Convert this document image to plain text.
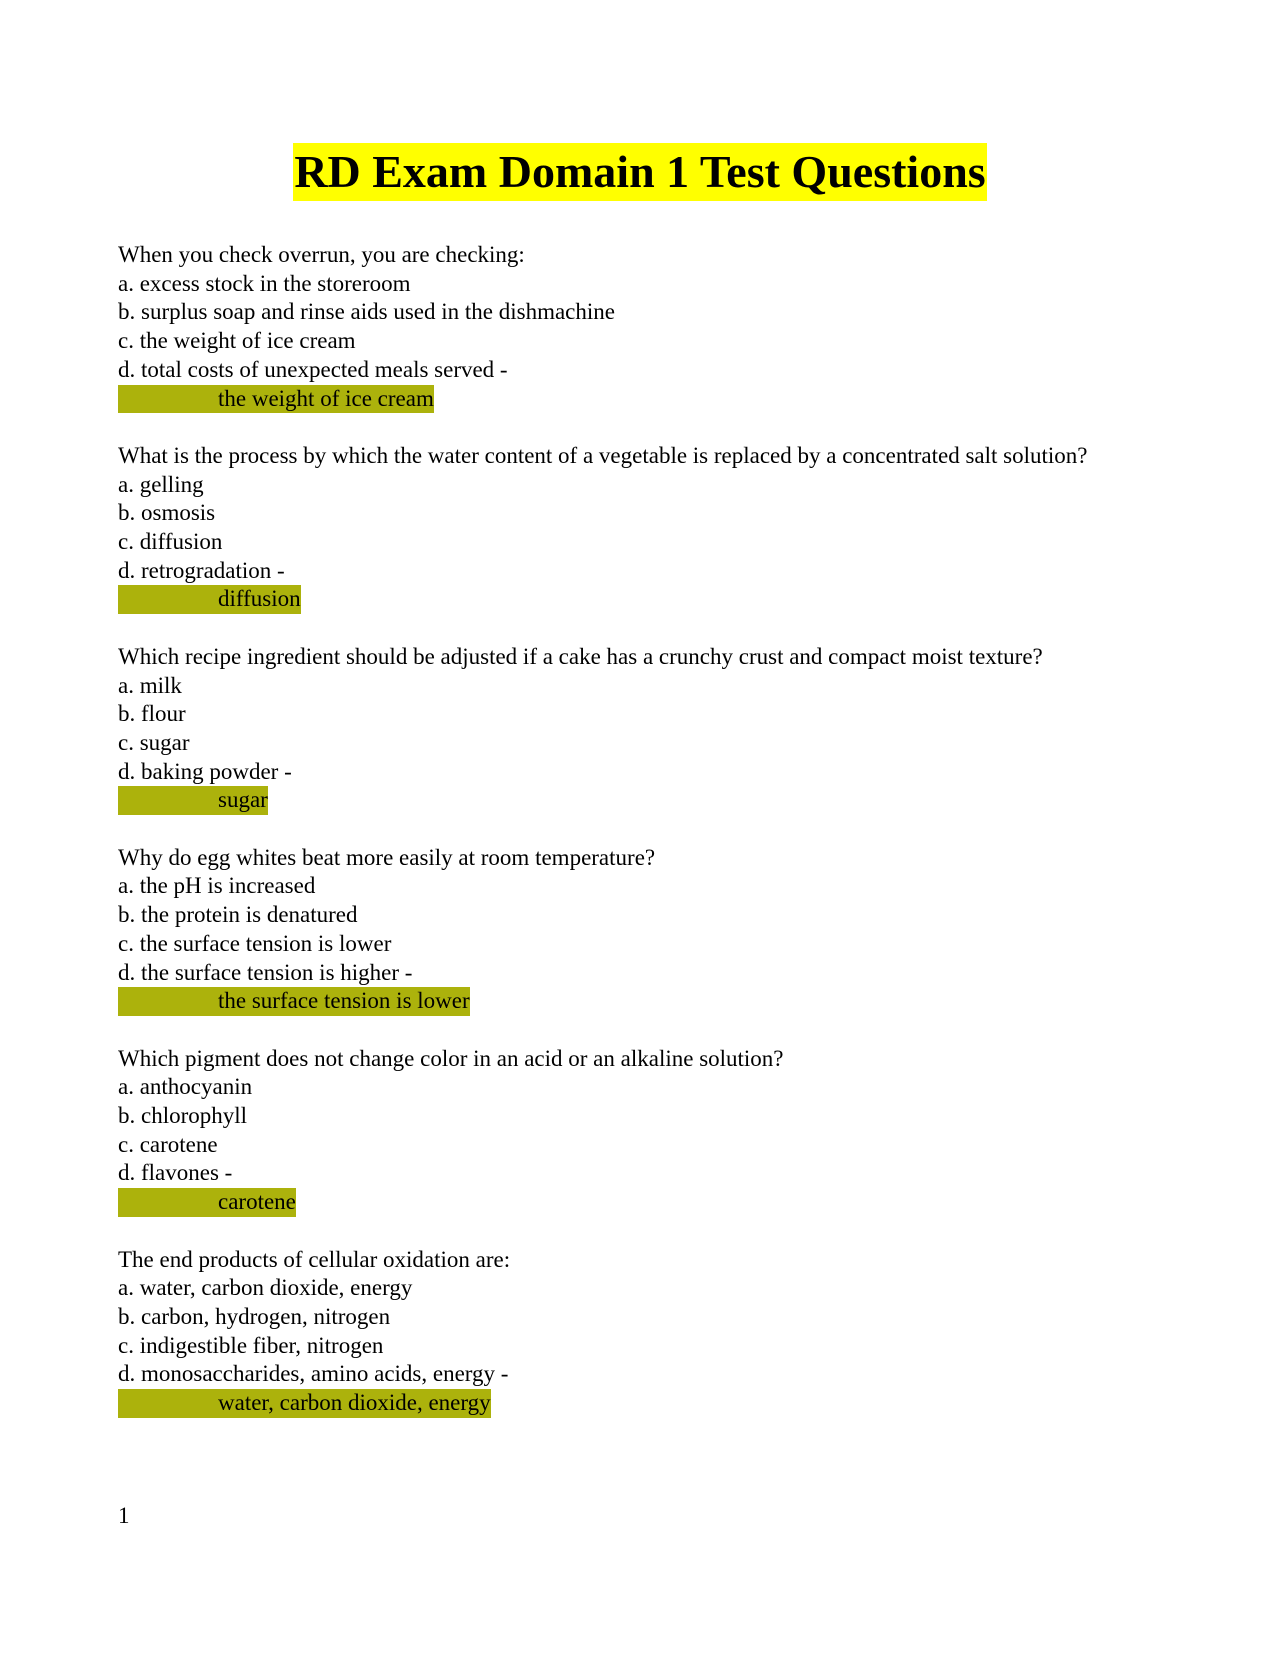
RD Exam Domain 1 Test Questions
When you check overrun, you are checking:
a. excess stock in the storeroom
b. surplus soap and rinse aids used in the dishmachine
c. the weight of ice cream
d. total costs of unexpected meals served -
the weight of ice cream
What is the process by which the water content of a vegetable is replaced by a concentrated salt solution?
a. gelling
b. osmosis
c. diffusion
d. retrogradation -
diffusion
Which recipe ingredient should be adjusted if a cake has a crunchy crust and compact moist texture?
a. milk
b. flour
c. sugar
d. baking powder -
sugar
Why do egg whites beat more easily at room temperature?
a. the pH is increased
b. the protein is denatured
c. the surface tension is lower
d. the surface tension is higher -
the surface tension is lower
Which pigment does not change color in an acid or an alkaline solution?
a. anthocyanin
b. chlorophyll
c. carotene
d. flavones -
carotene
The end products of cellular oxidation are:
a. water, carbon dioxide, energy
b. carbon, hydrogen, nitrogen
c. indigestible fiber, nitrogen
d. monosaccharides, amino acids, energy -
water, carbon dioxide, energy
1
